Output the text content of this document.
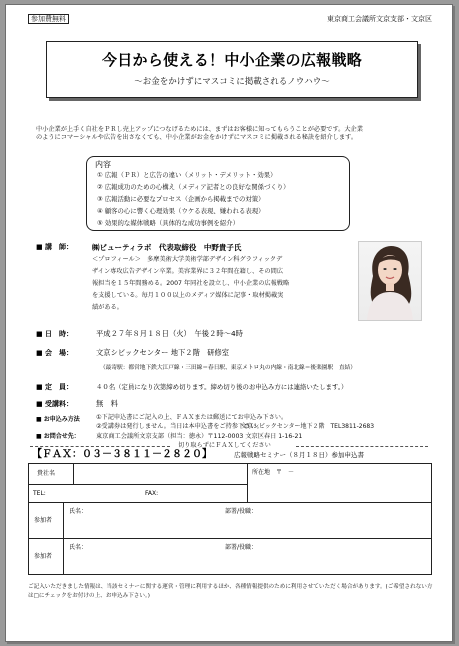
参加費無料	東京商工会議所文京支部・文京区
今日から使える！中小企業の広報戦略
～お金をかけずにマスコミに掲載されるノウハウ～
中小企業が上手く自社をＰＲし売上アップにつなげるためには、まずはお客様に知ってもらうことが必要です。大企業
のようにコマーシャルや広告を出さなくても、中小企業がお金をかけずにマスコミに掲載される秘訣を紹介します。
内容
① 広報（ＰＲ）と広告の違い（メリット・デメリット・効果）
② 広報成功のための心構え（メディア記者との良好な関係づくり）
③ 広報活動に必要なプロセス（企画から掲載までの対策）
④ 顧客の心に響く心理効果（ウケる表現、嫌われる表現）
⑤ 効果的な媒体戦略（具体的な成功事例を紹介）
■ 講　師：	㈱ビューティラボ　代表取締役　中野貴子氏
＜プロフィール＞　多摩美術大学美術学部デザイン科グラフィックデ
ザイン専攻広告デザイン卒業。美容業界に３２年間在籍し、その間広
報担当を１５年間務める。2007 年同社を設立し、中小企業の広報戦略
を支援している。毎月１００以上のメディア媒体に記事・取材掲載実
績がある。
■ 日　時：	平成２７年８月１８日（火）　午後２時～4時
■ 会　場：	文京シビックセンター 地下２階　研修室
（最寄駅：都営地下鉄大江戸線・三田線＝春日駅、東京メトロ丸の内線・南北線＝後楽園駅　直結）
■ 定　員：	４０名（定員になり次第締め切ります。締め切り後のお申込み方には連絡いたします。）
■ 受講料：	無　料
■ お申込み方法	①下記申込書にご記入の上、ＦＡＸまたは郵送にてお申込み下さい。
②受講券は発行しません。当日は本申込書をご持参下さい。
■ お問合せ先：	東京商工会議所文京支部（担当：徳永）〒112-0003 文京区春日 1-16-21
文京シビックセンター地下２階　TEL3811-2683
切り取らずにＦＡＸしてください
【ＦＡＸ：０３－３８１１－２８２０】	広報戦略セミナー（８月１８日）参加申込書
貴社名	所在地　〒　－
TEL:	FAX:
参加者
氏名：	部署/役職：
参加者
氏名：	部署/役職：
ご記入いただきました情報は、当該セミナーに関する運営・管理に利用するほか、各種情報提供のために利用させていただく場合があります。(ご希望されない方は□にチェックをお付けの上、お申込み下さい。)
